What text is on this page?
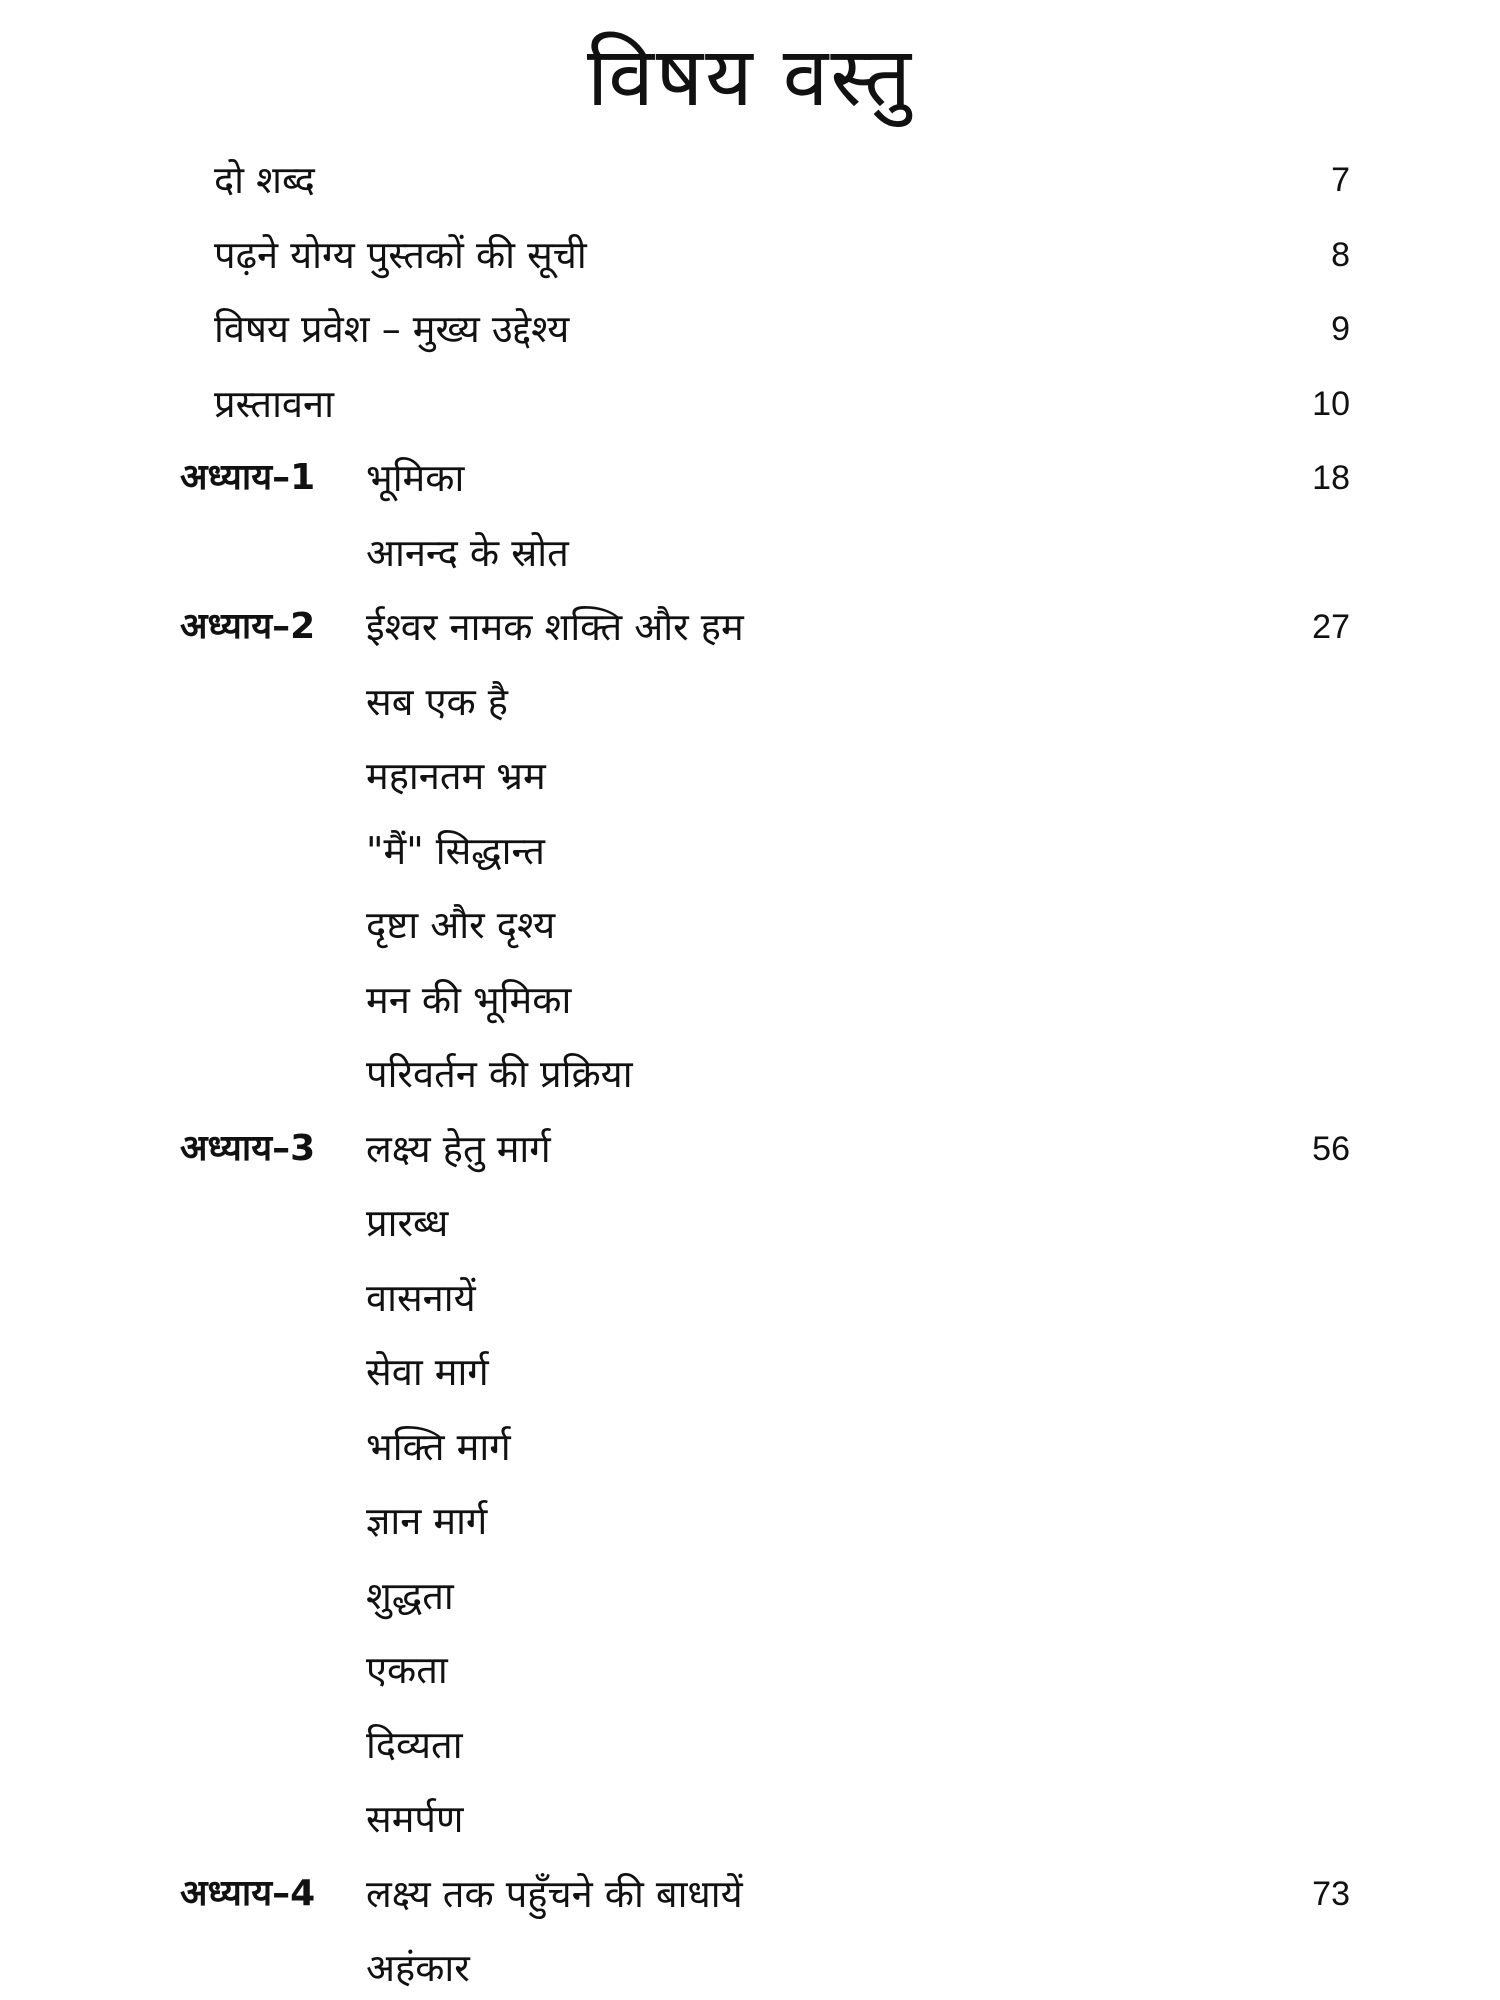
विषय वस्तु
दो शब्द	7
पढ़ने योग्य पुस्तकों की सूची	8
विषय प्रवेश – मुख्य उद्देश्य	9
प्रस्तावना	10
अध्याय–1 भूमिका	18
आनन्द के स्रोत
अध्याय–2 ईश्वर नामक शक्ति और हम	27
सब एक है
महानतम भ्रम
"मैं" सिद्धान्त
दृष्टा और दृश्य
मन की भूमिका
परिवर्तन की प्रक्रिया
अध्याय–3 लक्ष्य हेतु मार्ग	56
प्रारब्ध
वासनायें
सेवा मार्ग
भक्ति मार्ग
ज्ञान मार्ग
शुद्धता
एकता
दिव्यता
समर्पण
अध्याय–4 लक्ष्य तक पहुँचने की बाधायें	73
अहंकार
